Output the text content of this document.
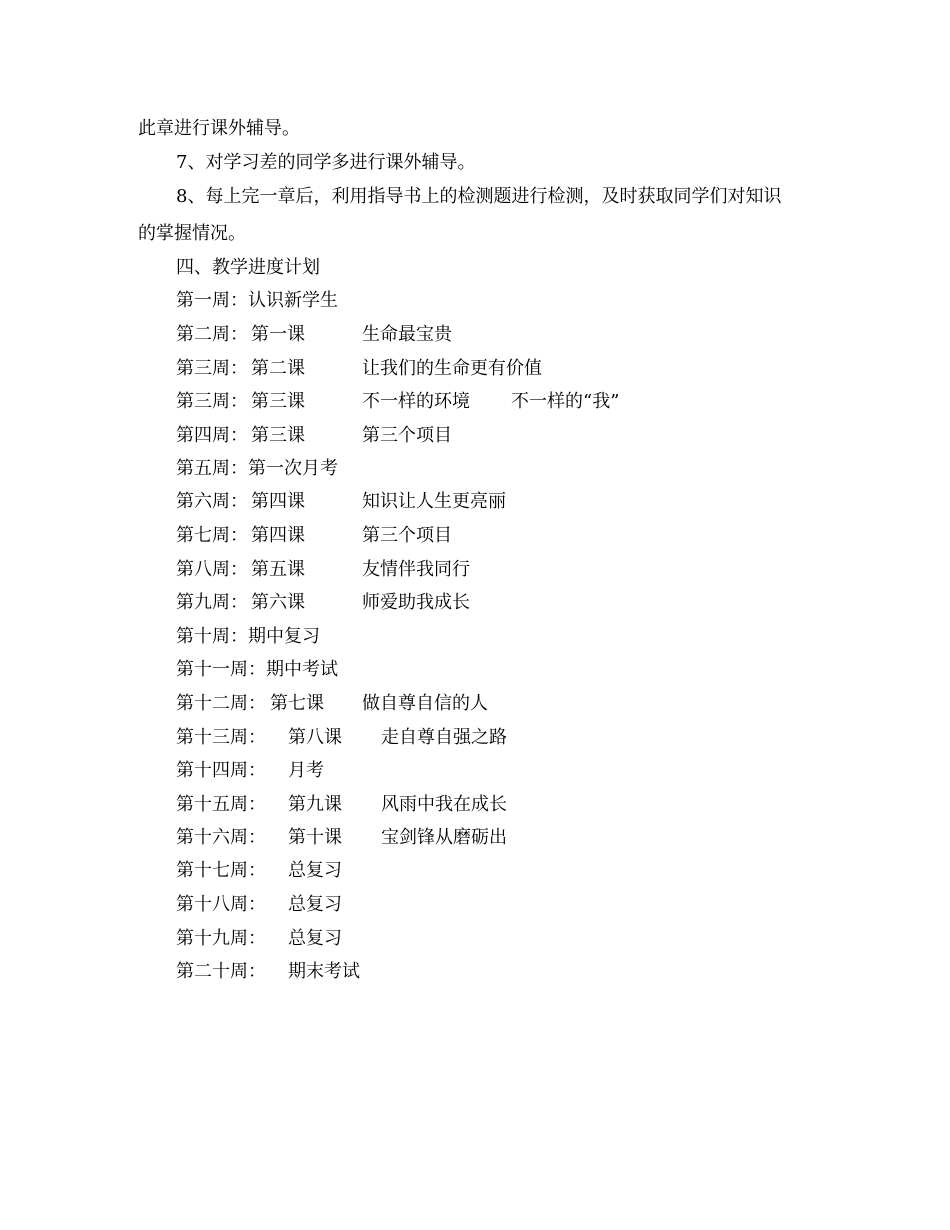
此章进行课外辅导。
7、对学习差的同学多进行课外辅导。
8、每上完一章后，利用指导书上的检测题进行检测，及时获取同学们对知识
的掌握情况。
四、教学进度计划
第一周：认识新学生
第二周： 第一课	生命最宝贵
第三周： 第二课	让我们的生命更有价值
第三周： 第三课	不一样的环境 不一样的“我”
第四周： 第三课	第三个项目
第五周：第一次月考
第六周： 第四课	知识让人生更亮丽
第七周： 第四课	第三个项目
第八周： 第五课	友情伴我同行
第九周： 第六课	师爱助我成长
第十周：期中复习
第十一周：期中考试
第十二周： 第七课 做自尊自信的人
第十三周： 第八课 走自尊自强之路
第十四周： 月考
第十五周： 第九课 风雨中我在成长
第十六周： 第十课 宝剑锋从磨砺出
第十七周： 总复习
第十八周： 总复习
第十九周： 总复习
第二十周： 期末考试
